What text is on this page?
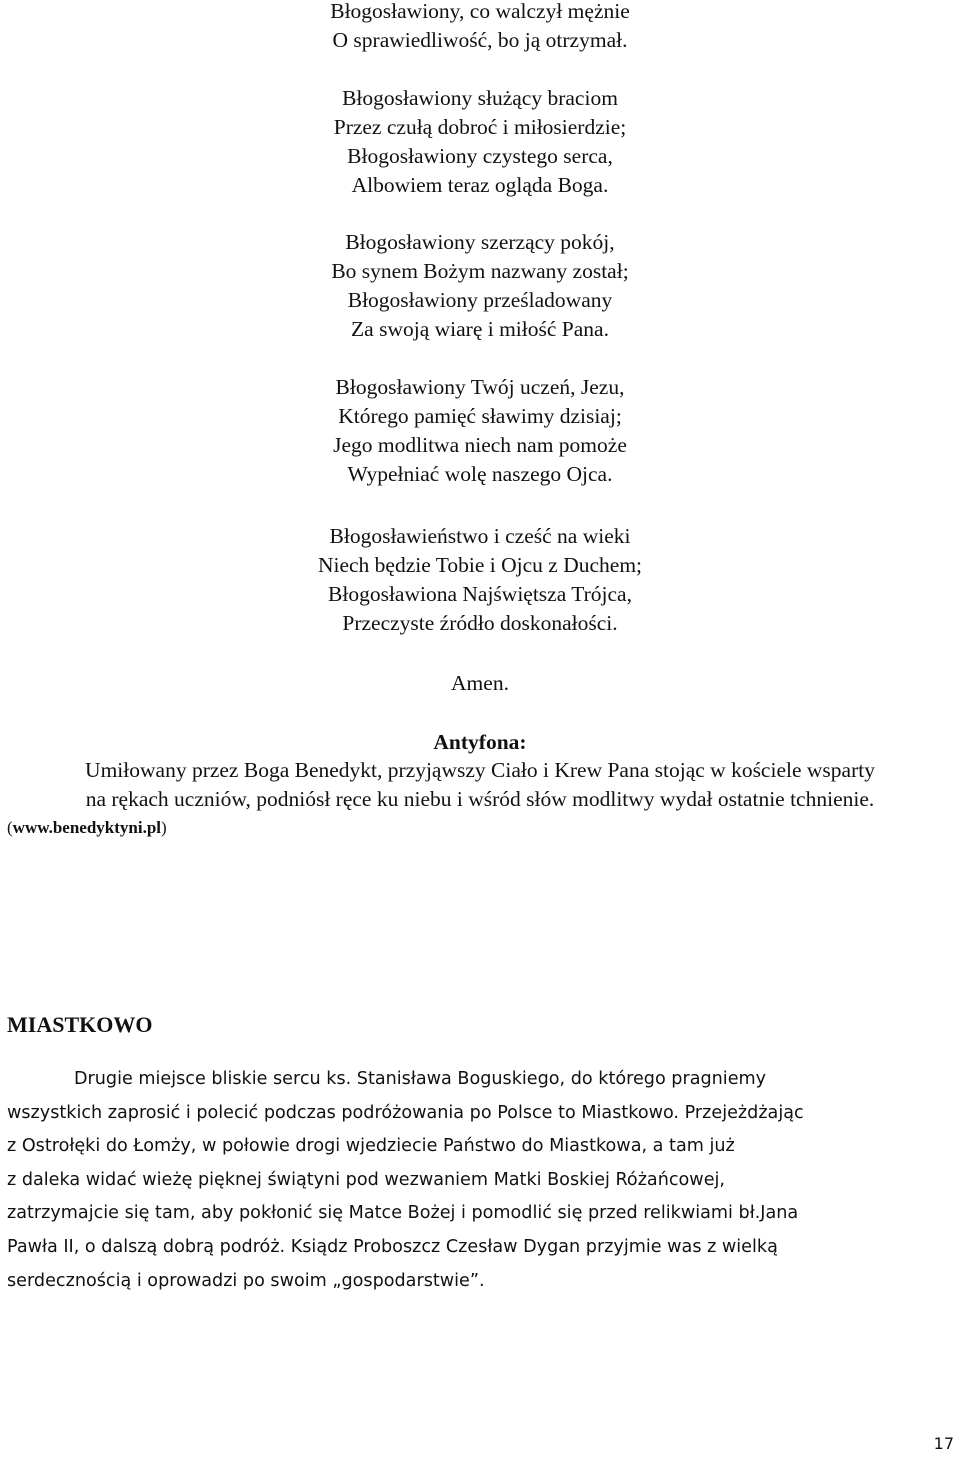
Błogosławiony, co walczył mężnie
O sprawiedliwość, bo ją otrzymał.
Błogosławiony służący braciom
Przez czułą dobroć i miłosierdzie;
Błogosławiony czystego serca,
Albowiem teraz ogląda Boga.
Błogosławiony szerzący pokój,
Bo synem Bożym nazwany został;
Błogosławiony prześladowany
Za swoją wiarę i miłość Pana.
Błogosławiony Twój uczeń, Jezu,
Którego pamięć sławimy dzisiaj;
Jego modlitwa niech nam pomoże
Wypełniać wolę naszego Ojca.
Błogosławieństwo i cześć na wieki
Niech będzie Tobie i Ojcu z Duchem;
Błogosławiona Najświętsza Trójca,
Przeczyste źródło doskonałości.
Amen.
Antyfona:
Umiłowany przez Boga Benedykt, przyjąwszy Ciało i Krew Pana stojąc w kościele wsparty
na rękach uczniów, podniósł ręce ku niebu i wśród słów modlitwy wydał ostatnie tchnienie.
(www.benedyktyni.pl)
MIASTKOWO
Drugie miejsce bliskie sercu ks. Stanisława Boguskiego, do którego pragniemy
wszystkich zaprosić i polecić podczas podróżowania po Polsce to Miastkowo. Przejeżdżając
z Ostrołęki do Łomży, w połowie drogi wjedziecie Państwo do Miastkowa, a tam już
z daleka widać wieżę pięknej świątyni pod wezwaniem Matki Boskiej Różańcowej,
zatrzymajcie się tam, aby pokłonić się Matce Bożej i pomodlić się przed relikwiami bł.Jana
Pawła II, o dalszą dobrą podróż. Ksiądz Proboszcz Czesław Dygan przyjmie was z wielką
serdecznością i oprowadzi po swoim „gospodarstwie”.
17
